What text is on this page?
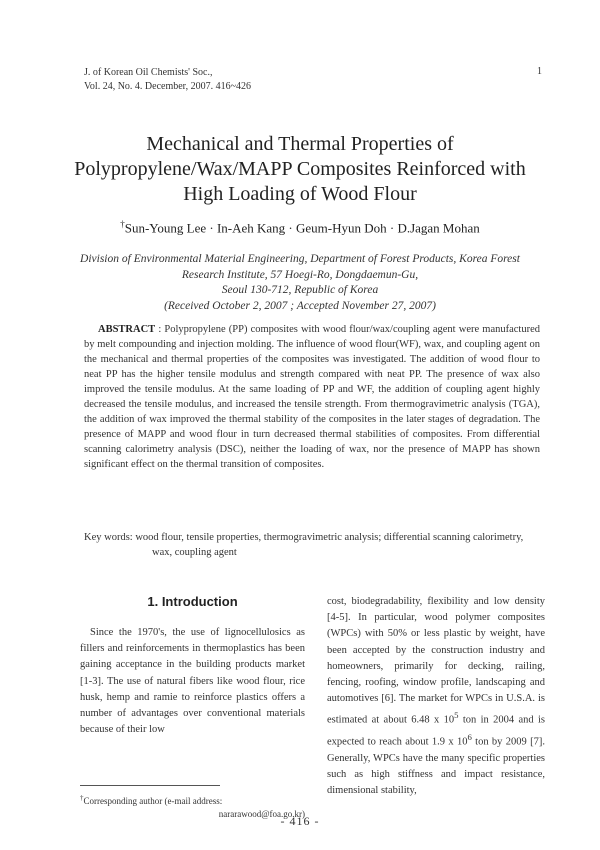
J. of Korean Oil Chemists' Soc.,
Vol. 24, No. 4. December, 2007. 416~426
1
Mechanical and Thermal Properties of
Polypropylene/Wax/MAPP Composites Reinforced with
High Loading of Wood Flour
†Sun-Young Lee · In-Aeh Kang · Geum-Hyun Doh · D.Jagan Mohan
Division of Environmental Material Engineering, Department of Forest Products, Korea Forest
Research Institute, 57 Hoegi-Ro, Dongdaemun-Gu,
Seoul 130-712, Republic of Korea
(Received October 2, 2007 ; Accepted November 27, 2007)
ABSTRACT : Polypropylene (PP) composites with wood flour/wax/coupling agent were manufactured by melt compounding and injection molding. The influence of wood flour(WF), wax, and coupling agent on the mechanical and thermal properties of the composites was investigated. The addition of wood flour to neat PP has the higher tensile modulus and strength compared with neat PP. The presence of wax also improved the tensile modulus. At the same loading of PP and WF, the addition of coupling agent highly decreased the tensile modulus, and increased the tensile strength. From thermogravimetric analysis (TGA), the addition of wax improved the thermal stability of the composites in the later stages of degradation. The presence of MAPP and wood flour in turn decreased thermal stabilities of composites. From differential scanning calorimetry analysis (DSC), neither the loading of wax, nor the presence of MAPP has shown significant effect on the thermal transition of composites.
Key words: wood flour, tensile properties, thermogravimetric analysis; differential scanning calorimetry, wax, coupling agent
1. Introduction

Since the 1970's, the use of lignocellulosics as fillers and reinforcements in thermoplastics has been gaining acceptance in the building products market [1-3]. The use of natural fibers like wood flour, rice husk, hemp and ramie to reinforce plastics offers a number of advantages over conventional materials because of their low

cost, biodegradability, flexibility and low density [4-5]. In particular, wood polymer composites (WPCs) with 50% or less plastic by weight, have been accepted by the construction industry and homeowners, primarily for decking, railing, fencing, roofing, window profile, landscaping and automotives [6]. The market for WPCs in U.S.A. is estimated at about 6.48 x $10^5$ ton in 2004 and is expected to reach about 1.9 x $10^6$ ton by 2009 [7]. Generally, WPCs have the many specific properties such as high stiffness and impact resistance, dimensional stability,

†Corresponding author (e-mail address:
nararawood@foa.go.kr)
- 416 -
